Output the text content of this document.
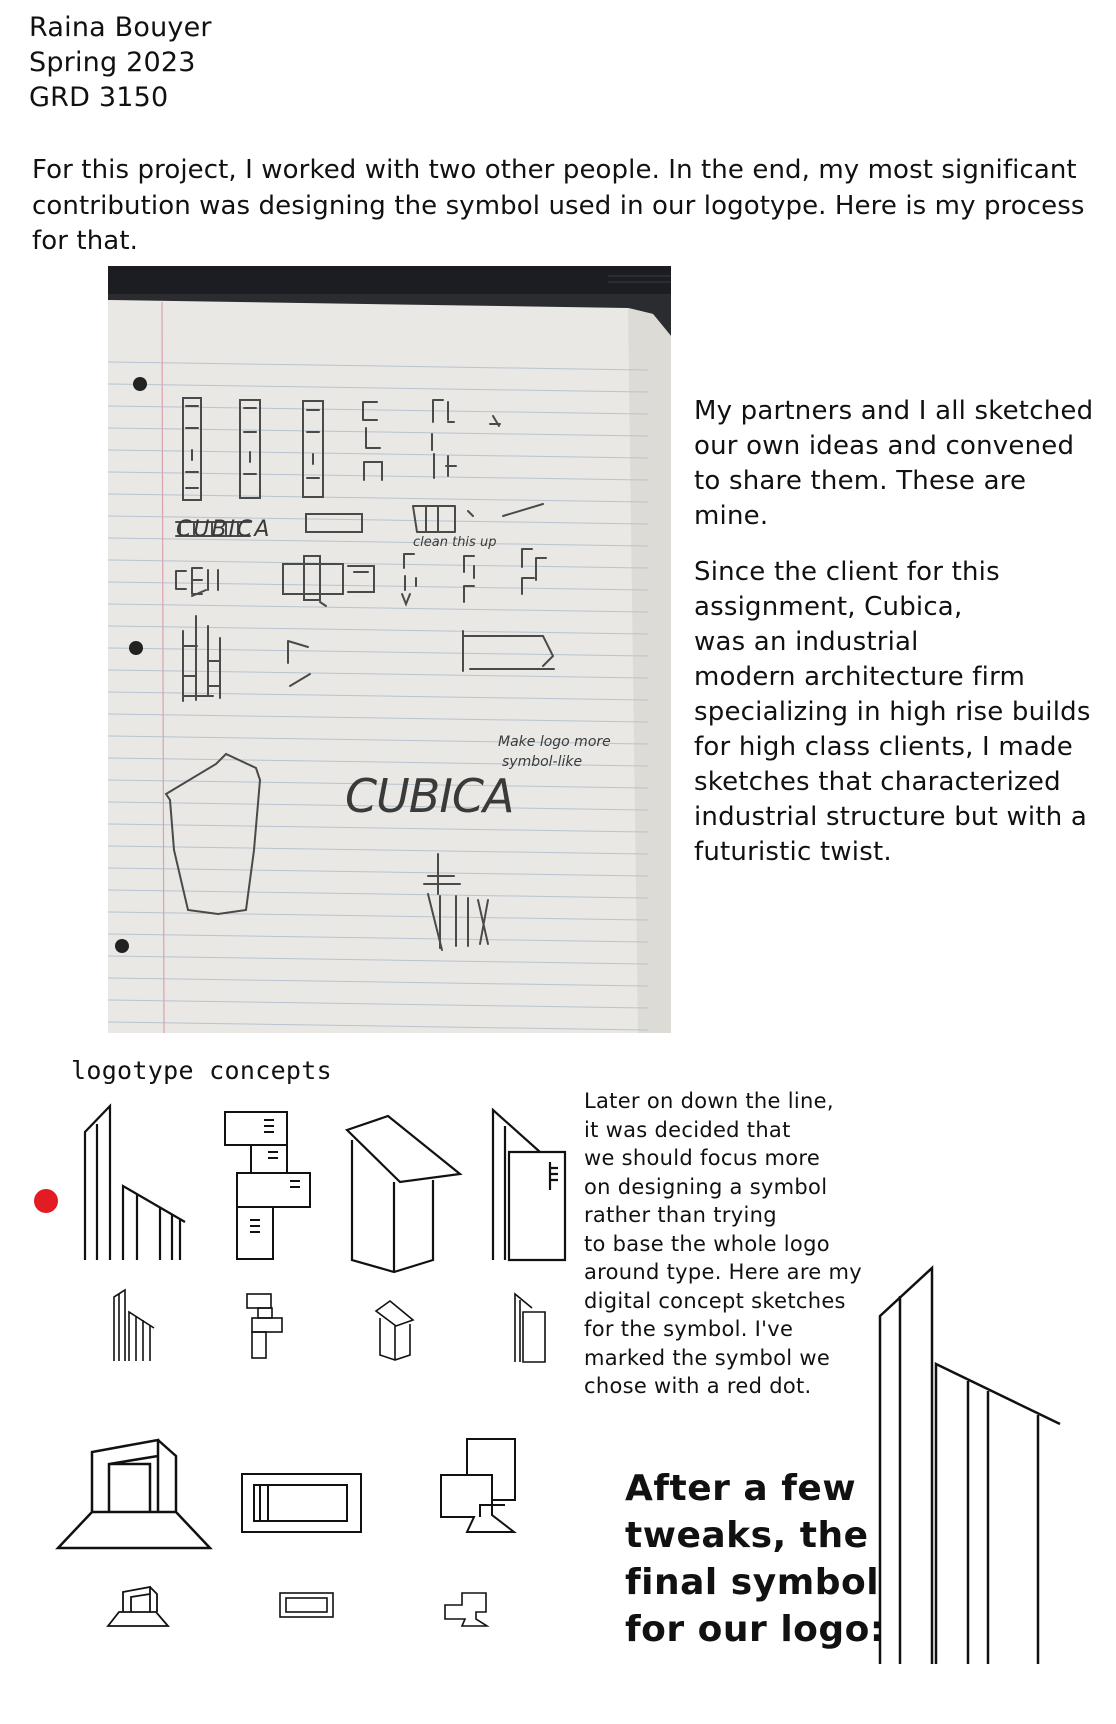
Raina Bouyer
Spring 2023
GRD 3150
For this project, I worked with two other people. In the end, my most significant contribution was designing the symbol used in our logotype. Here is my process for that.
CUBICA
CUBICA
clean this up
Make logo more
symbol-like

My partners and I all sketched
our own ideas and convened
to share them. These are mine.

Since the client for this
assignment, Cubica,
was an industrial
modern architecture firm
specializing in high rise builds
for high class clients, I made
sketches that characterized
industrial structure but with a
futuristic twist.

logotype concepts
Later on down the line,
it was decided that
we should focus more
on designing a symbol
rather than trying
to base the whole logo
around type. Here are my
digital concept sketches
for the symbol. I've
marked the symbol we
chose with a red dot.
After a few
tweaks, the
final symbol
for our logo:
